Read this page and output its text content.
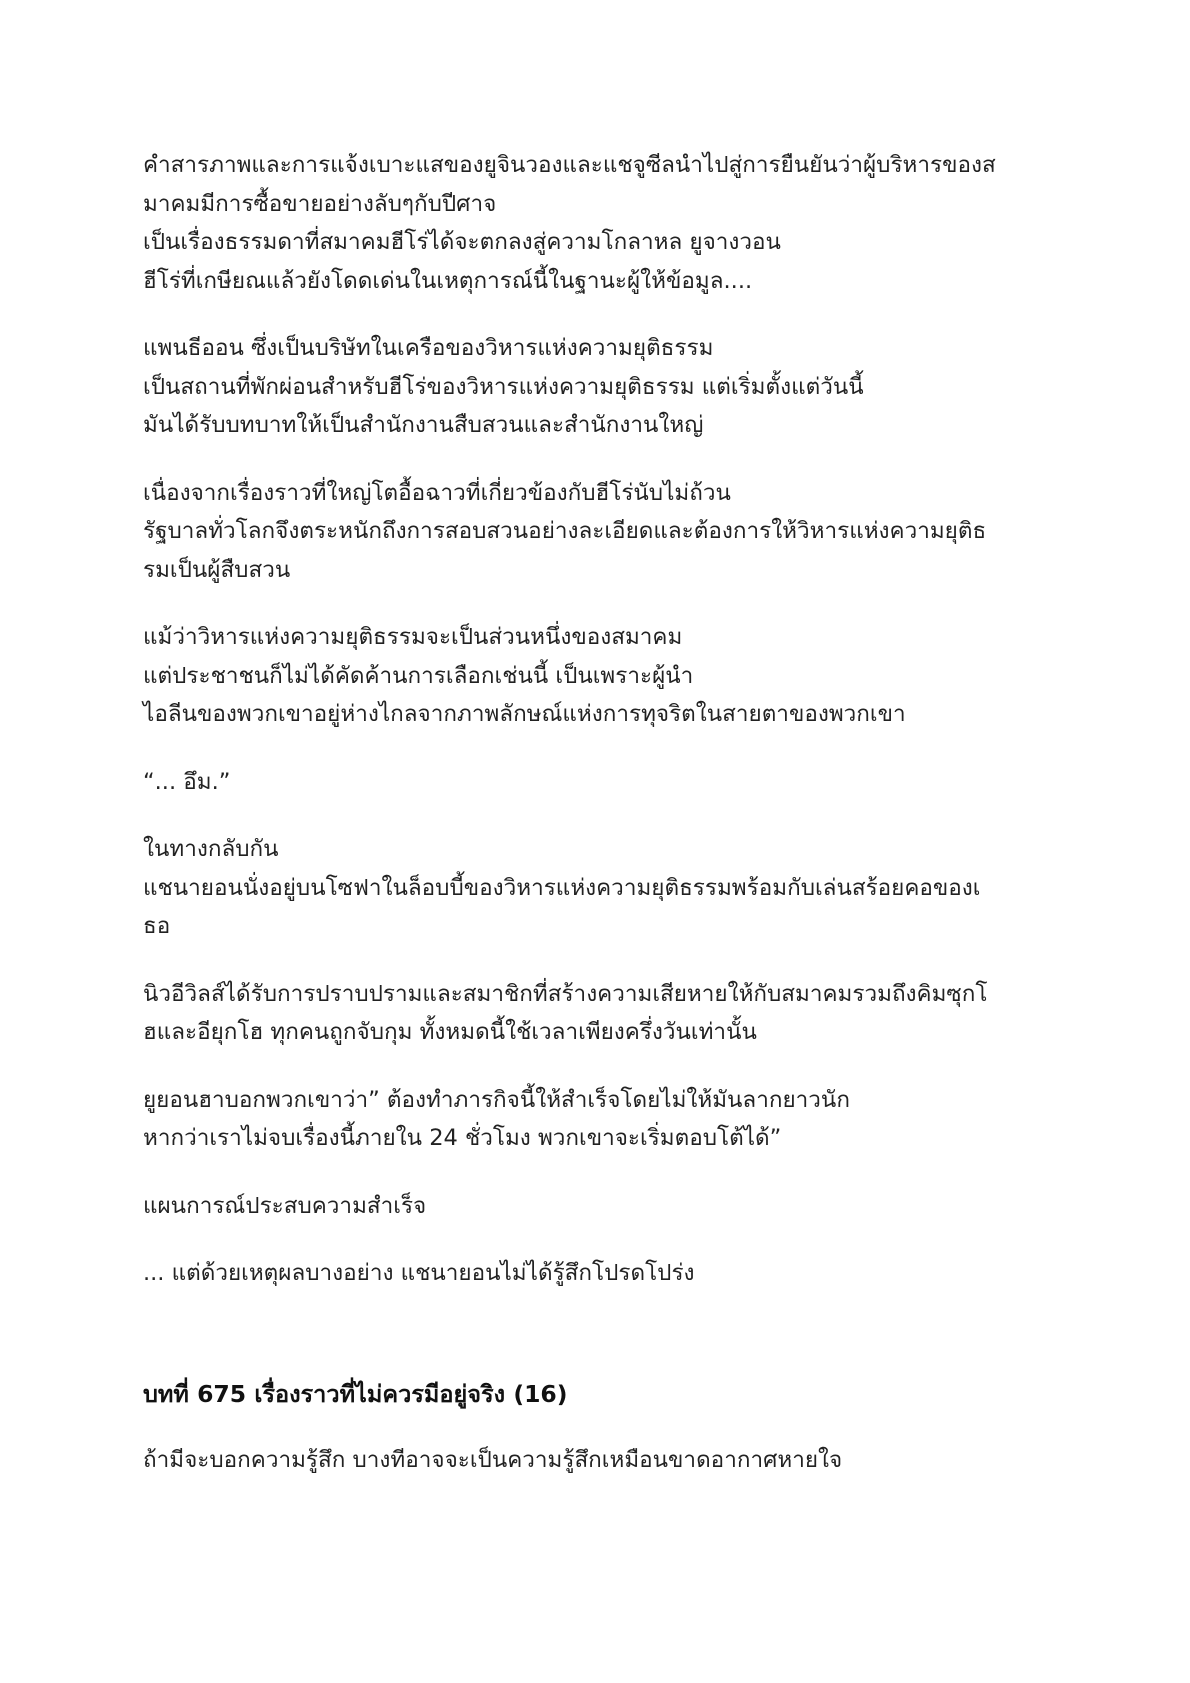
คำสารภาพและการแจ้งเบาะแสของยูจินวองและแชจูซีลนำไปสู่การยืนยันว่าผู้บริหารของส
มาคมมีการซื้อขายอย่างลับๆกับปีศาจ
เป็นเรื่องธรรมดาที่สมาคมฮีโร่ได้จะตกลงสู่ความโกลาหล ยูจางวอน
ฮีโร่ที่เกษียณแล้วยังโดดเด่นในเหตุการณ์นี้ในฐานะผู้ให้ข้อมูล....

แพนธีออน ซึ่งเป็นบริษัทในเครือของวิหารแห่งความยุติธรรม
เป็นสถานที่พักผ่อนสำหรับฮีโร่ของวิหารแห่งความยุติธรรม แต่เริ่มตั้งแต่วันนี้
มันได้รับบทบาทให้เป็นสำนักงานสืบสวนและสำนักงานใหญ่

เนื่องจากเรื่องราวที่ใหญ่โตอื้อฉาวที่เกี่ยวข้องกับฮีโร่นับไม่ถ้วน
รัฐบาลทั่วโลกจึงตระหนักถึงการสอบสวนอย่างละเอียดและต้องการให้วิหารแห่งความยุติธ
รมเป็นผู้สืบสวน

แม้ว่าวิหารแห่งความยุติธรรมจะเป็นส่วนหนึ่งของสมาคม
แต่ประชาชนก็ไม่ได้คัดค้านการเลือกเช่นนี้ เป็นเพราะผู้นำ
ไอลีนของพวกเขาอยู่ห่างไกลจากภาพลักษณ์แห่งการทุจริตในสายตาของพวกเขา

“... อึม.”

ในทางกลับกัน
แชนายอนนั่งอยู่บนโซฟาในล็อบบี้ของวิหารแห่งความยุติธรรมพร้อมกับเล่นสร้อยคอของเ
ธอ

นิวอีวิลส์ได้รับการปราบปรามและสมาชิกที่สร้างความเสียหายให้กับสมาคมรวมถึงคิมซุกโ
ฮและอียุกโฮ ทุกคนถูกจับกุม ทั้งหมดนี้ใช้เวลาเพียงครึ่งวันเท่านั้น

ยูยอนฮาบอกพวกเขาว่า” ต้องทำภารกิจนี้ให้สำเร็จโดยไม่ให้มันลากยาวนัก
หากว่าเราไม่จบเรื่องนี้ภายใน 24 ชั่วโมง พวกเขาจะเริ่มตอบโต้ได้”

แผนการณ์ประสบความสำเร็จ

... แต่ด้วยเหตุผลบางอย่าง แชนายอนไม่ได้รู้สึกโปรดโปร่ง

บทที่ 675 เรื่องราวที่ไม่ควรมีอยู่จริง (16)

ถ้ามีจะบอกความรู้สึก บางทีอาจจะเป็นความรู้สึกเหมือนขาดอากาศหายใจ
